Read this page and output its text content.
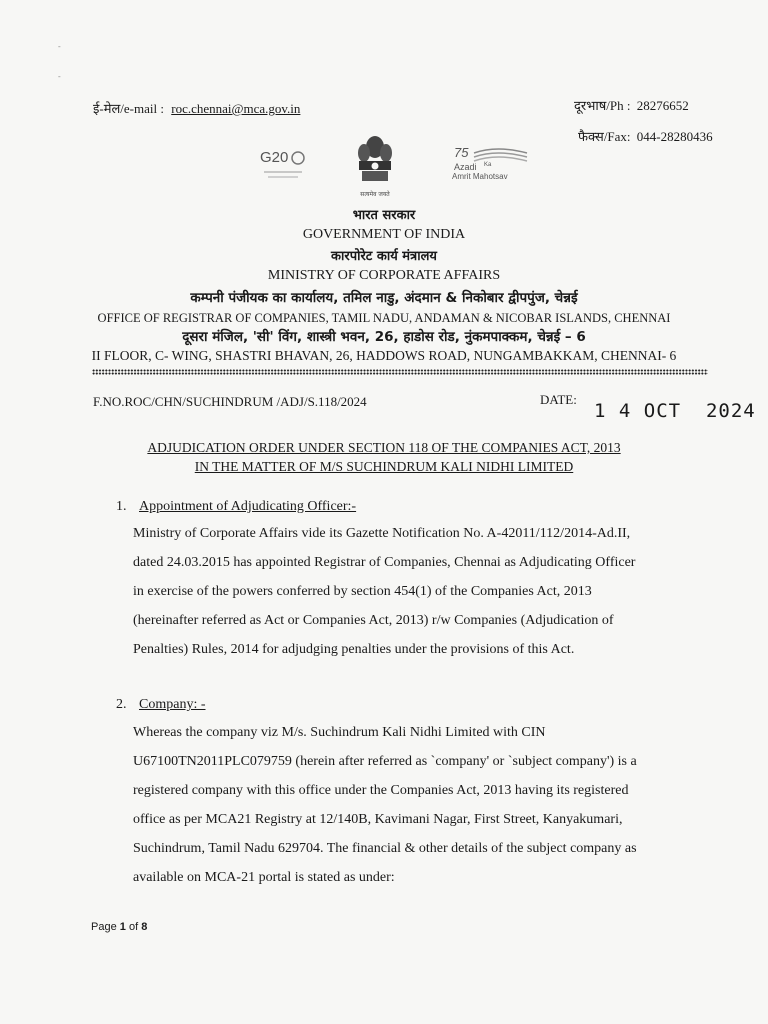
-
-
ई-मेल/e-mail : roc.chennai@mca.gov.in	दूरभाष/Ph : 28276652
फैक्स/Fax: 044-28280436
G20
सत्यमेव जयते
75
Azadi Ka
Amrit Mahotsav
भारत सरकार
GOVERNMENT OF INDIA
कारपोरेट कार्य मंत्रालय
MINISTRY OF CORPORATE AFFAIRS
कम्पनी पंजीयक का कार्यालय, तमिल नाडु, अंदमान & निकोबार द्वीपपुंज, चेन्नई
OFFICE OF REGISTRAR OF COMPANIES, TAMIL NADU, ANDAMAN & NICOBAR ISLANDS, CHENNAI
दूसरा मंजिल, 'सी' विंग, शास्त्री भवन, 26, हाडोस रोड, नुंकमपाक्कम, चेन्नई – 6
II FLOOR, C- WING, SHASTRI BHAVAN, 26, HADDOWS ROAD, NUNGAMBAKKAM, CHENNAI- 6
F.NO.ROC/CHN/SUCHINDRUM /ADJ/S.118/2024	DATE:
1 4 OCT  2024
ADJUDICATION ORDER UNDER SECTION 118 OF THE COMPANIES ACT, 2013
IN THE MATTER OF M/S SUCHINDRUM KALI NIDHI LIMITED
1. Appointment of Adjudicating Officer:-
Ministry of Corporate Affairs vide its Gazette Notification No. A-42011/112/2014-Ad.II,
dated 24.03.2015 has appointed Registrar of Companies, Chennai as Adjudicating Officer
in exercise of the powers conferred by section 454(1) of the Companies Act, 2013
(hereinafter referred as Act or Companies Act, 2013) r/w Companies (Adjudication of
Penalties) Rules, 2014 for adjudging penalties under the provisions of this Act.
2. Company: -
Whereas the company viz M/s. Suchindrum Kali Nidhi Limited with CIN
U67100TN2011PLC079759 (herein after referred as `company' or `subject company') is a
registered company with this office under the Companies Act, 2013 having its registered
office as per MCA21 Registry at 12/140B, Kavimani Nagar, First Street, Kanyakumari,
Suchindrum, Tamil Nadu 629704. The financial & other details of the subject company as
available on MCA-21 portal is stated as under:
Page 1 of 8
